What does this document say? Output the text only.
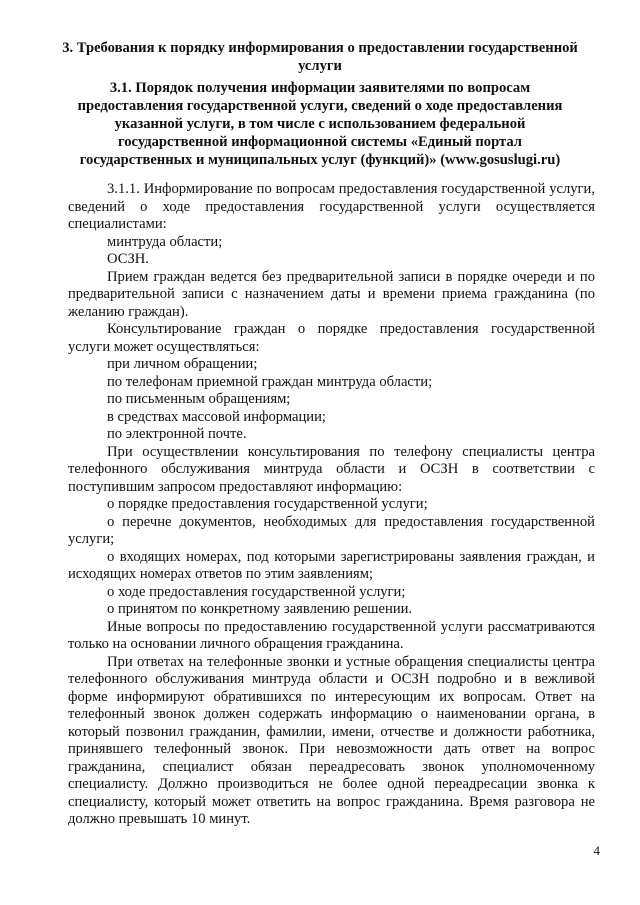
3. Требования к порядку информирования о предоставлении государственной услуги
3.1. Порядок получения информации заявителями по вопросам предоставления государственной услуги, сведений о ходе предоставления указанной услуги, в том числе с использованием федеральной государственной информационной системы «Единый портал государственных и муниципальных услуг (функций)» (www.gosuslugi.ru)

3.1.1. Информирование по вопросам предоставления государственной услуги, сведений о ходе предоставления государственной услуги осуществляется специалистами:

минтруда области;

ОСЗН.

Прием граждан ведется без предварительной записи в порядке очереди и по предварительной записи с назначением даты и времени приема гражданина (по желанию граждан).

Консультирование граждан о порядке предоставления государственной услуги может осуществляться:

при личном обращении;

по телефонам приемной граждан минтруда области;

по письменным обращениям;

в средствах массовой информации;

по электронной почте.

При осуществлении консультирования по телефону специалисты центра телефонного обслуживания минтруда области и ОСЗН в соответствии с поступившим запросом предоставляют информацию:

о порядке предоставления государственной услуги;

о перечне документов, необходимых для предоставления государственной услуги;

о входящих номерах, под которыми зарегистрированы заявления граждан, и исходящих номерах ответов по этим заявлениям;

о ходе предоставления государственной услуги;

о принятом по конкретному заявлению решении.

Иные вопросы по предоставлению государственной услуги рассматриваются только на основании личного обращения гражданина.

При ответах на телефонные звонки и устные обращения специалисты центра телефонного обслуживания минтруда области и ОСЗН подробно и в вежливой форме информируют обратившихся по интересующим их вопросам. Ответ на телефонный звонок должен содержать информацию о наименовании органа, в который позвонил гражданин, фамилии, имени, отчестве и должности работника, принявшего телефонный звонок. При невозможности дать ответ на вопрос гражданина, специалист обязан переадресовать звонок уполномоченному специалисту. Должно производиться не более одной переадресации звонка к специалисту, который может ответить на вопрос гражданина. Время разговора не должно превышать 10 минут.

4
